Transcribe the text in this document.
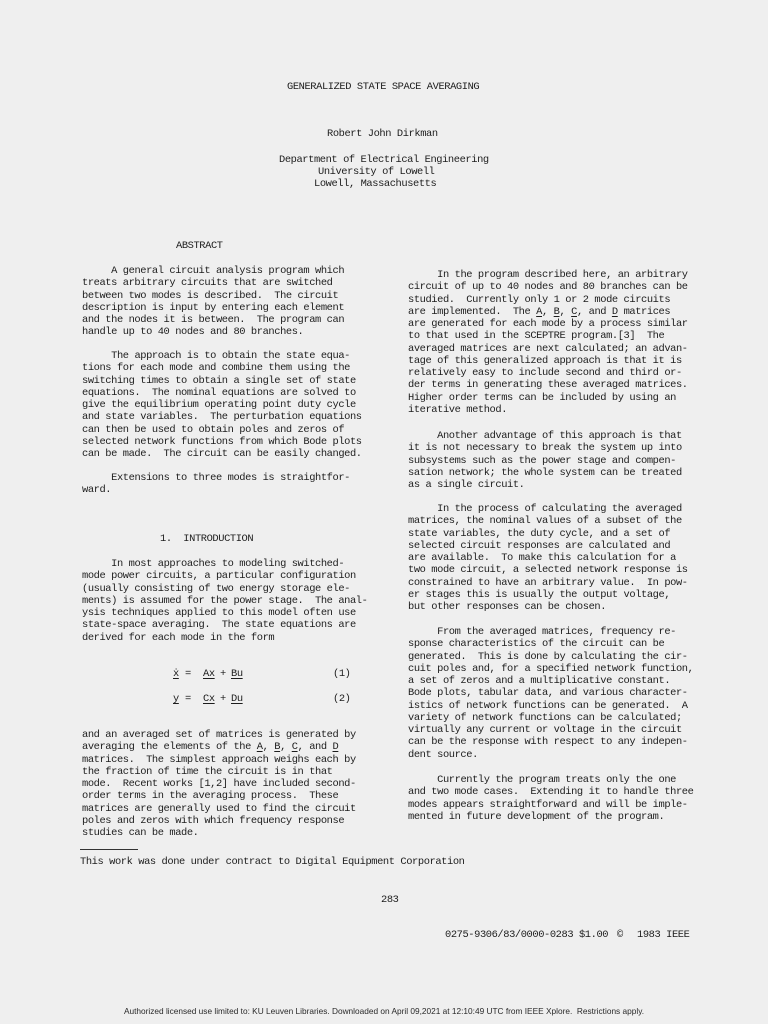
GENERALIZED STATE SPACE AVERAGING
Robert John Dirkman
Department of Electrical Engineering
University of Lowell
Lowell, Massachusetts
ABSTRACT
A general circuit analysis program which
treats arbitrary circuits that are switched
between two modes is described.  The circuit
description is input by entering each element
and the nodes it is between.  The program can
handle up to 40 nodes and 80 branches.
The approach is to obtain the state equa-
tions for each mode and combine them using the
switching times to obtain a single set of state
equations.  The nominal equations are solved to
give the equilibrium operating point duty cycle
and state variables.  The perturbation equations
can then be used to obtain poles and zeros of
selected network functions from which Bode plots
can be made.  The circuit can be easily changed.
Extensions to three modes is straightfor-
ward.
1.  INTRODUCTION
In most approaches to modeling switched-
mode power circuits, a particular configuration
(usually consisting of two energy storage ele-
ments) is assumed for the power stage.  The anal-
ysis techniques applied to this model often use
state-space averaging.  The state equations are
derived for each mode in the form

ẋ

=

Ax

+

Bu

	(1)

y

=

Cx

+

Du

	(2)

and an averaged set of matrices is generated by
averaging the elements of the A, B, C, and D
matrices.  The simplest approach weighs each by
the fraction of time the circuit is in that
mode.  Recent works [1,2] have included second-
order terms in the averaging process.  These
matrices are generally used to find the circuit
poles and zeros with which frequency response
studies can be made.
This work was done under contract to Digital Equipment Corporation
In the program described here, an arbitrary
circuit of up to 40 nodes and 80 branches can be
studied.  Currently only 1 or 2 mode circuits
are implemented.  The A, B, C, and D matrices
are generated for each mode by a process similar
to that used in the SCEPTRE program.[3]  The
averaged matrices are next calculated; an advan-
tage of this generalized approach is that it is
relatively easy to include second and third or-
der terms in generating these averaged matrices.
Higher order terms can be included by using an
iterative method.
Another advantage of this approach is that
it is not necessary to break the system up into
subsystems such as the power stage and compen-
sation network; the whole system can be treated
as a single circuit.
In the process of calculating the averaged
matrices, the nominal values of a subset of the
state variables, the duty cycle, and a set of
selected circuit responses are calculated and
are available.  To make this calculation for a
two mode circuit, a selected network response is
constrained to have an arbitrary value.  In pow-
er stages this is usually the output voltage,
but other responses can be chosen.
From the averaged matrices, frequency re-
sponse characteristics of the circuit can be
generated.  This is done by calculating the cir-
cuit poles and, for a specified network function,
a set of zeros and a multiplicative constant.
Bode plots, tabular data, and various character-
istics of network functions can be generated.  A
variety of network functions can be calculated;
virtually any current or voltage in the circuit
can be the response with respect to any indepen-
dent source.
Currently the program treats only the one
and two mode cases.  Extending it to handle three
modes appears straightforward and will be imple-
mented in future development of the program.
283
0275-9306/83/0000-0283 $1.00 © 1983 IEEE
Authorized licensed use limited to: KU Leuven Libraries. Downloaded on April 09,2021 at 12:10:49 UTC from IEEE Xplore.  Restrictions apply.
